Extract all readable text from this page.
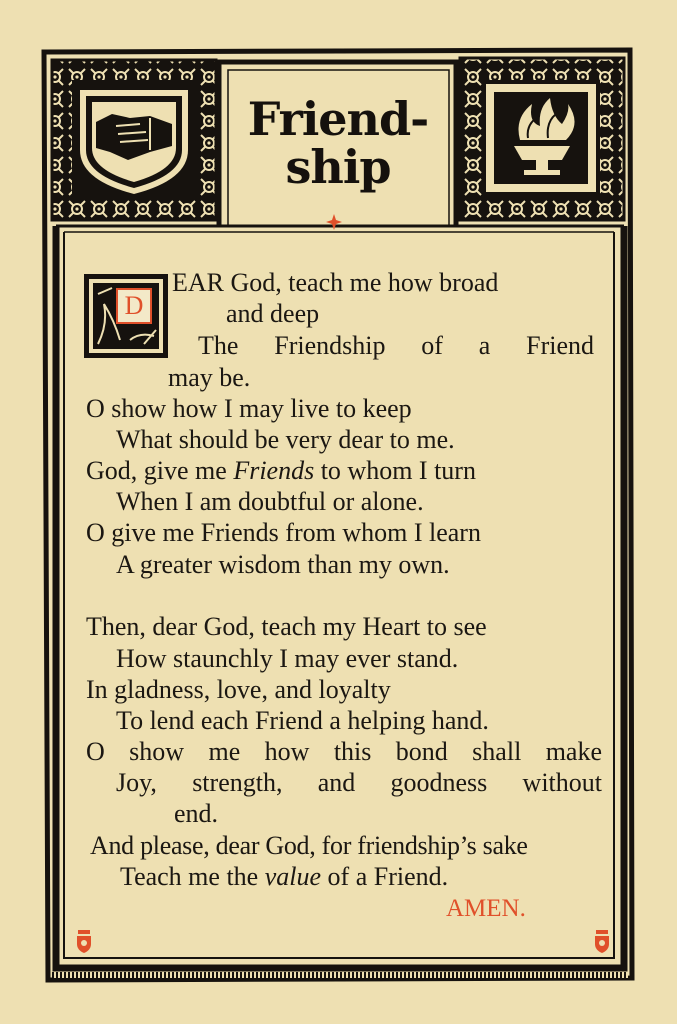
Friend-
ship
D
EAR God, teach me how broad
and deep
The Friendship of a Friend
may be.
O show how I may live to keep
What should be very dear to me.
God, give me Friends to whom I turn
When I am doubtful or alone.
O give me Friends from whom I learn
A greater wisdom than my own.
Then, dear God, teach my Heart to see
How staunchly I may ever stand.
In gladness, love, and loyalty
To lend each Friend a helping hand.
O show me how this bond shall make
Joy, strength, and goodness without
end.
And please, dear God, for friendship’s sake
Teach me the value of a Friend.
AMEN.
